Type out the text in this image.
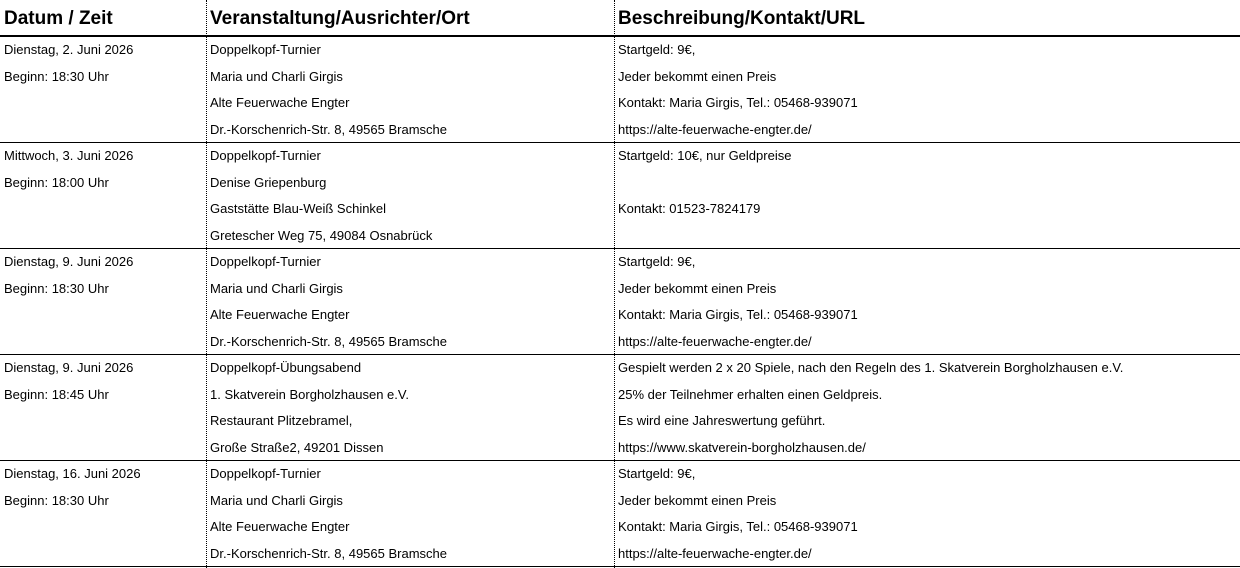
Datum / Zeit	Veranstaltung/Ausrichter/Ort	Beschreibung/Kontakt/URL
Dienstag, 2. Juni 2026
Beginn: 18:30 Uhr
Doppelkopf-Turnier
Maria und Charli Girgis
Alte Feuerwache Engter
Dr.-Korschenrich-Str. 8, 49565 Bramsche
Startgeld: 9€,
Jeder bekommt einen Preis
Kontakt: Maria Girgis, Tel.: 05468-939071
https://alte-feuerwache-engter.de/
Mittwoch, 3. Juni 2026
Beginn: 18:00 Uhr
Doppelkopf-Turnier
Denise Griepenburg
Gaststätte Blau-Weiß Schinkel
Gretescher Weg 75, 49084 Osnabrück
Startgeld: 10€, nur Geldpreise
Kontakt: 01523-7824179
Dienstag, 9. Juni 2026
Beginn: 18:30 Uhr
Doppelkopf-Turnier
Maria und Charli Girgis
Alte Feuerwache Engter
Dr.-Korschenrich-Str. 8, 49565 Bramsche
Startgeld: 9€,
Jeder bekommt einen Preis
Kontakt: Maria Girgis, Tel.: 05468-939071
https://alte-feuerwache-engter.de/
Dienstag, 9. Juni 2026
Beginn: 18:45 Uhr
Doppelkopf-Übungsabend
1. Skatverein Borgholzhausen e.V.
Restaurant Plitzebramel,
Große Straße2, 49201 Dissen
Gespielt werden 2 x 20 Spiele, nach den Regeln des 1. Skatverein Borgholzhausen e.V.
25% der Teilnehmer erhalten einen Geldpreis.
Es wird eine Jahreswertung geführt.
https://www.skatverein-borgholzhausen.de/
Dienstag, 16. Juni 2026
Beginn: 18:30 Uhr
Doppelkopf-Turnier
Maria und Charli Girgis
Alte Feuerwache Engter
Dr.-Korschenrich-Str. 8, 49565 Bramsche
Startgeld: 9€,
Jeder bekommt einen Preis
Kontakt: Maria Girgis, Tel.: 05468-939071
https://alte-feuerwache-engter.de/
